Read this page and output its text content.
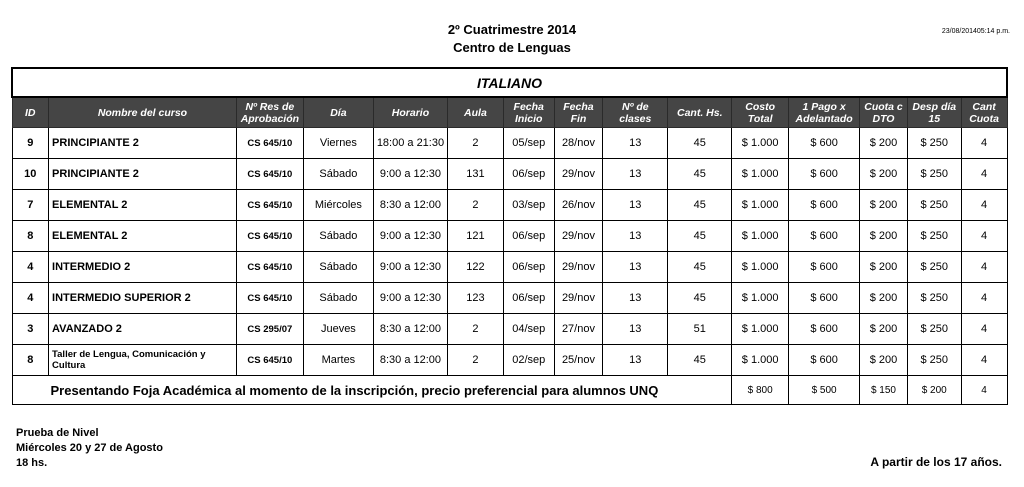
2º Cuatrimestre 2014
Centro de Lenguas
23/08/201405:14 p.m.
ITALIANO														
ID	Nombre del curso	Nº Res de Aprobación	Día	Horario	Aula	Fecha Inicio	Fecha Fin	Nº de clases	Cant. Hs.	Costo Total	1 Pago x Adelantado	Cuota c DTO	Desp día 15	Cant Cuota
9	PRINCIPIANTE 2	CS 645/10	Viernes	18:00 a 21:30	2	05/sep	28/nov	13	45	$ 1.000	$ 600	$ 200	$ 250	4
10	PRINCIPIANTE 2	CS 645/10	Sábado	9:00 a 12:30	131	06/sep	29/nov	13	45	$ 1.000	$ 600	$ 200	$ 250	4
7	ELEMENTAL 2	CS 645/10	Miércoles	8:30 a 12:00	2	03/sep	26/nov	13	45	$ 1.000	$ 600	$ 200	$ 250	4
8	ELEMENTAL 2	CS 645/10	Sábado	9:00 a 12:30	121	06/sep	29/nov	13	45	$ 1.000	$ 600	$ 200	$ 250	4
4	INTERMEDIO 2	CS 645/10	Sábado	9:00 a 12:30	122	06/sep	29/nov	13	45	$ 1.000	$ 600	$ 200	$ 250	4
4	INTERMEDIO SUPERIOR 2	CS 645/10	Sábado	9:00 a 12:30	123	06/sep	29/nov	13	45	$ 1.000	$ 600	$ 200	$ 250	4
3	AVANZADO 2	CS 295/07	Jueves	8:30 a 12:00	2	04/sep	27/nov	13	51	$ 1.000	$ 600	$ 200	$ 250	4
8	Taller de Lengua, Comunicación y Cultura	CS 645/10	Martes	8:30 a 12:00	2	02/sep	25/nov	13	45	$ 1.000	$ 600	$ 200	$ 250	4
Presentando Foja Académica al momento de la inscripción, precio preferencial para alumnos UNQ										$ 800	$ 500	$ 150	$ 200	4
Prueba de Nivel
Miércoles 20 y 27 de Agosto
18 hs.	A partir de los 17 años.
